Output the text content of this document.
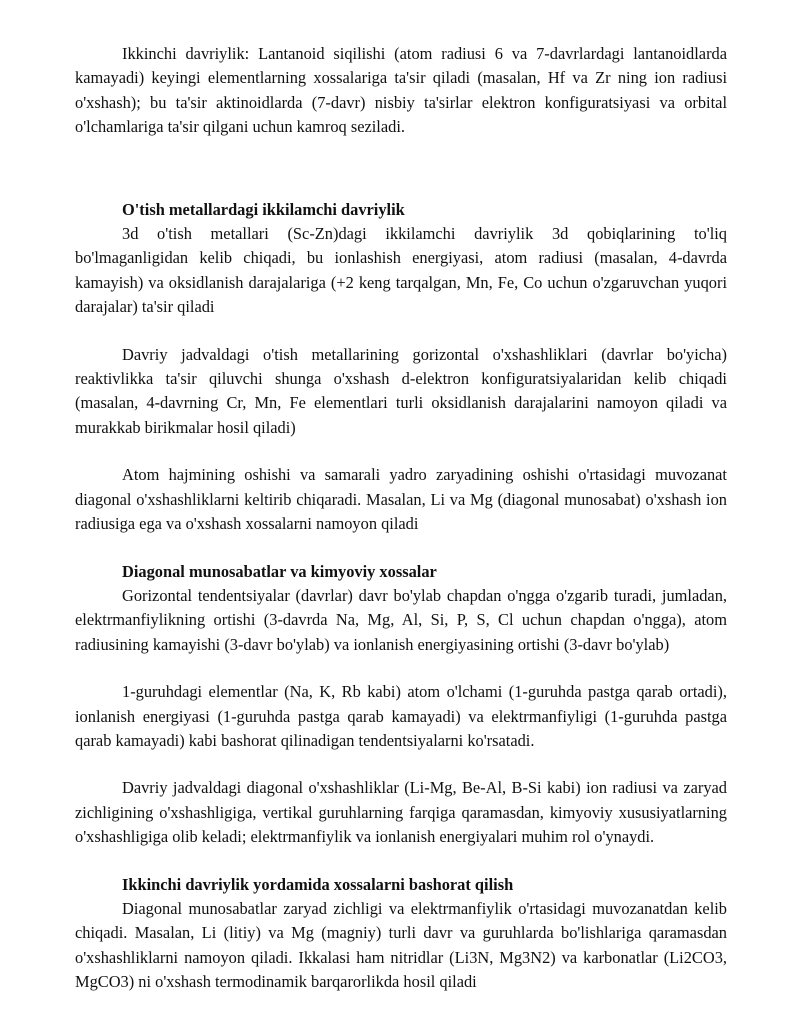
Ikkinchi davriylik: Lantanoid siqilishi (atom radiusi 6 va 7-davrlardagi lantanoidlarda kamayadi) keyingi elementlarning xossalariga ta'sir qiladi (masalan, Hf va Zr ning ion radiusi o'xshash); bu ta'sir aktinoidlarda (7-davr) nisbiy ta'sirlar elektron konfiguratsiyasi va orbital o'lchamlariga ta'sir qilgani uchun kamroq seziladi.

O'tish metallardagi ikkilamchi davriylik

3d o'tish metallari (Sc-Zn)dagi ikkilamchi davriylik 3d qobiqlarining to'liq bo'lmaganligidan kelib chiqadi, bu ionlashish energiyasi, atom radiusi (masalan, 4-davrda kamayish) va oksidlanish darajalariga (+2 keng tarqalgan, Mn, Fe, Co uchun o'zgaruvchan yuqori darajalar) ta'sir qiladi

Davriy jadvaldagi o'tish metallarining gorizontal o'xshashliklari (davrlar bo'yicha) reaktivlikka ta'sir qiluvchi shunga o'xshash d-elektron konfiguratsiyalaridan kelib chiqadi (masalan, 4-davrning Cr, Mn, Fe elementlari turli oksidlanish darajalarini namoyon qiladi va murakkab birikmalar hosil qiladi)

Atom hajmining oshishi va samarali yadro zaryadining oshishi o'rtasidagi muvozanat diagonal o'xshashliklarni keltirib chiqaradi. Masalan, Li va Mg (diagonal munosabat) o'xshash ion radiusiga ega va o'xshash xossalarni namoyon qiladi

Diagonal munosabatlar va kimyoviy xossalar

Gorizontal tendentsiyalar (davrlar) davr bo'ylab chapdan o'ngga o'zgarib turadi, jumladan, elektrmanfiylikning ortishi (3-davrda Na, Mg, Al, Si, P, S, Cl uchun chapdan o'ngga), atom radiusining kamayishi (3-davr bo'ylab) va ionlanish energiyasining ortishi (3-davr bo'ylab)

1-guruhdagi elementlar (Na, K, Rb kabi) atom o'lchami (1-guruhda pastga qarab ortadi), ionlanish energiyasi (1-guruhda pastga qarab kamayadi) va elektrmanfiyligi (1-guruhda pastga qarab kamayadi) kabi bashorat qilinadigan tendentsiyalarni ko'rsatadi.

Davriy jadvaldagi diagonal o'xshashliklar (Li-Mg, Be-Al, B-Si kabi) ion radiusi va zaryad zichligining o'xshashligiga, vertikal guruhlarning farqiga qaramasdan, kimyoviy xususiyatlarning o'xshashligiga olib keladi; elektrmanfiylik va ionlanish energiyalari muhim rol o'ynaydi.

Ikkinchi davriylik yordamida xossalarni bashorat qilish

Diagonal munosabatlar zaryad zichligi va elektrmanfiylik o'rtasidagi muvozanatdan kelib chiqadi. Masalan, Li (litiy) va Mg (magniy) turli davr va guruhlarda bo'lishlariga qaramasdan o'xshashliklarni namoyon qiladi. Ikkalasi ham nitridlar (Li3N, Mg3N2) va karbonatlar (Li2CO3, MgCO3) ni o'xshash termodinamik barqarorlikda hosil qiladi
